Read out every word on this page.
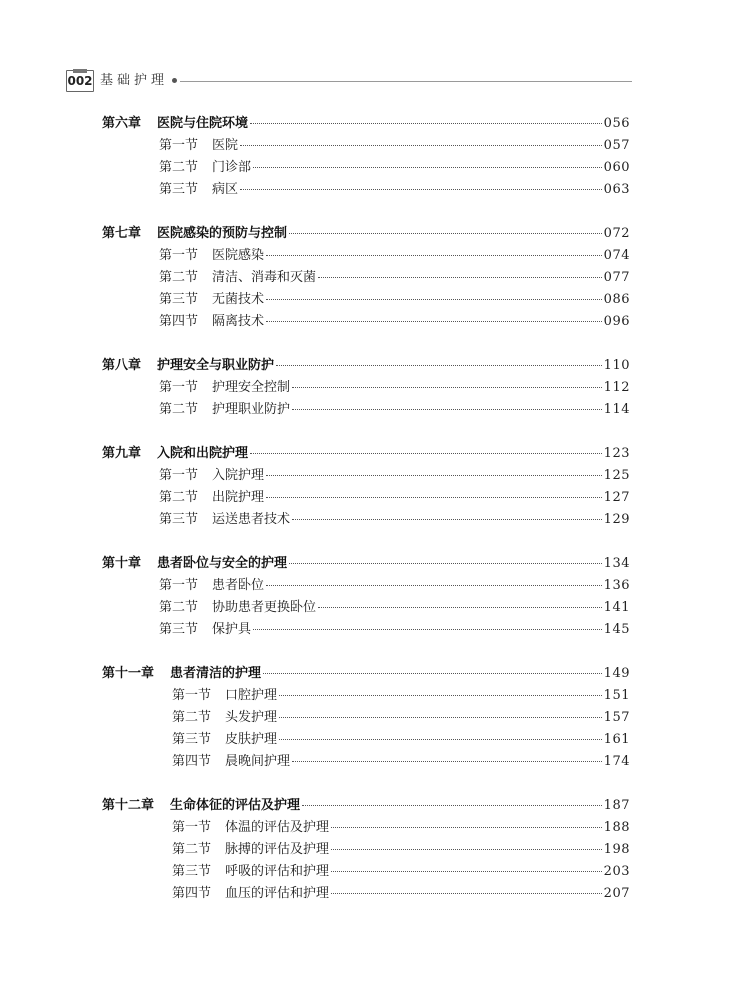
002 基础护理
第六章 医院与住院环境	056
第一节 医院	057
第二节 门诊部	060
第三节 病区	063
第七章 医院感染的预防与控制	072
第一节 医院感染	074
第二节 清洁、消毒和灭菌	077
第三节 无菌技术	086
第四节 隔离技术	096
第八章 护理安全与职业防护	110
第一节 护理安全控制	112
第二节 护理职业防护	114
第九章 入院和出院护理	123
第一节 入院护理	125
第二节 出院护理	127
第三节 运送患者技术	129
第十章 患者卧位与安全的护理	134
第一节 患者卧位	136
第二节 协助患者更换卧位	141
第三节 保护具	145
第十一章 患者清洁的护理	149
第一节 口腔护理	151
第二节 头发护理	157
第三节 皮肤护理	161
第四节 晨晚间护理	174
第十二章 生命体征的评估及护理	187
第一节 体温的评估及护理	188
第二节 脉搏的评估及护理	198
第三节 呼吸的评估和护理	203
第四节 血压的评估和护理	207
